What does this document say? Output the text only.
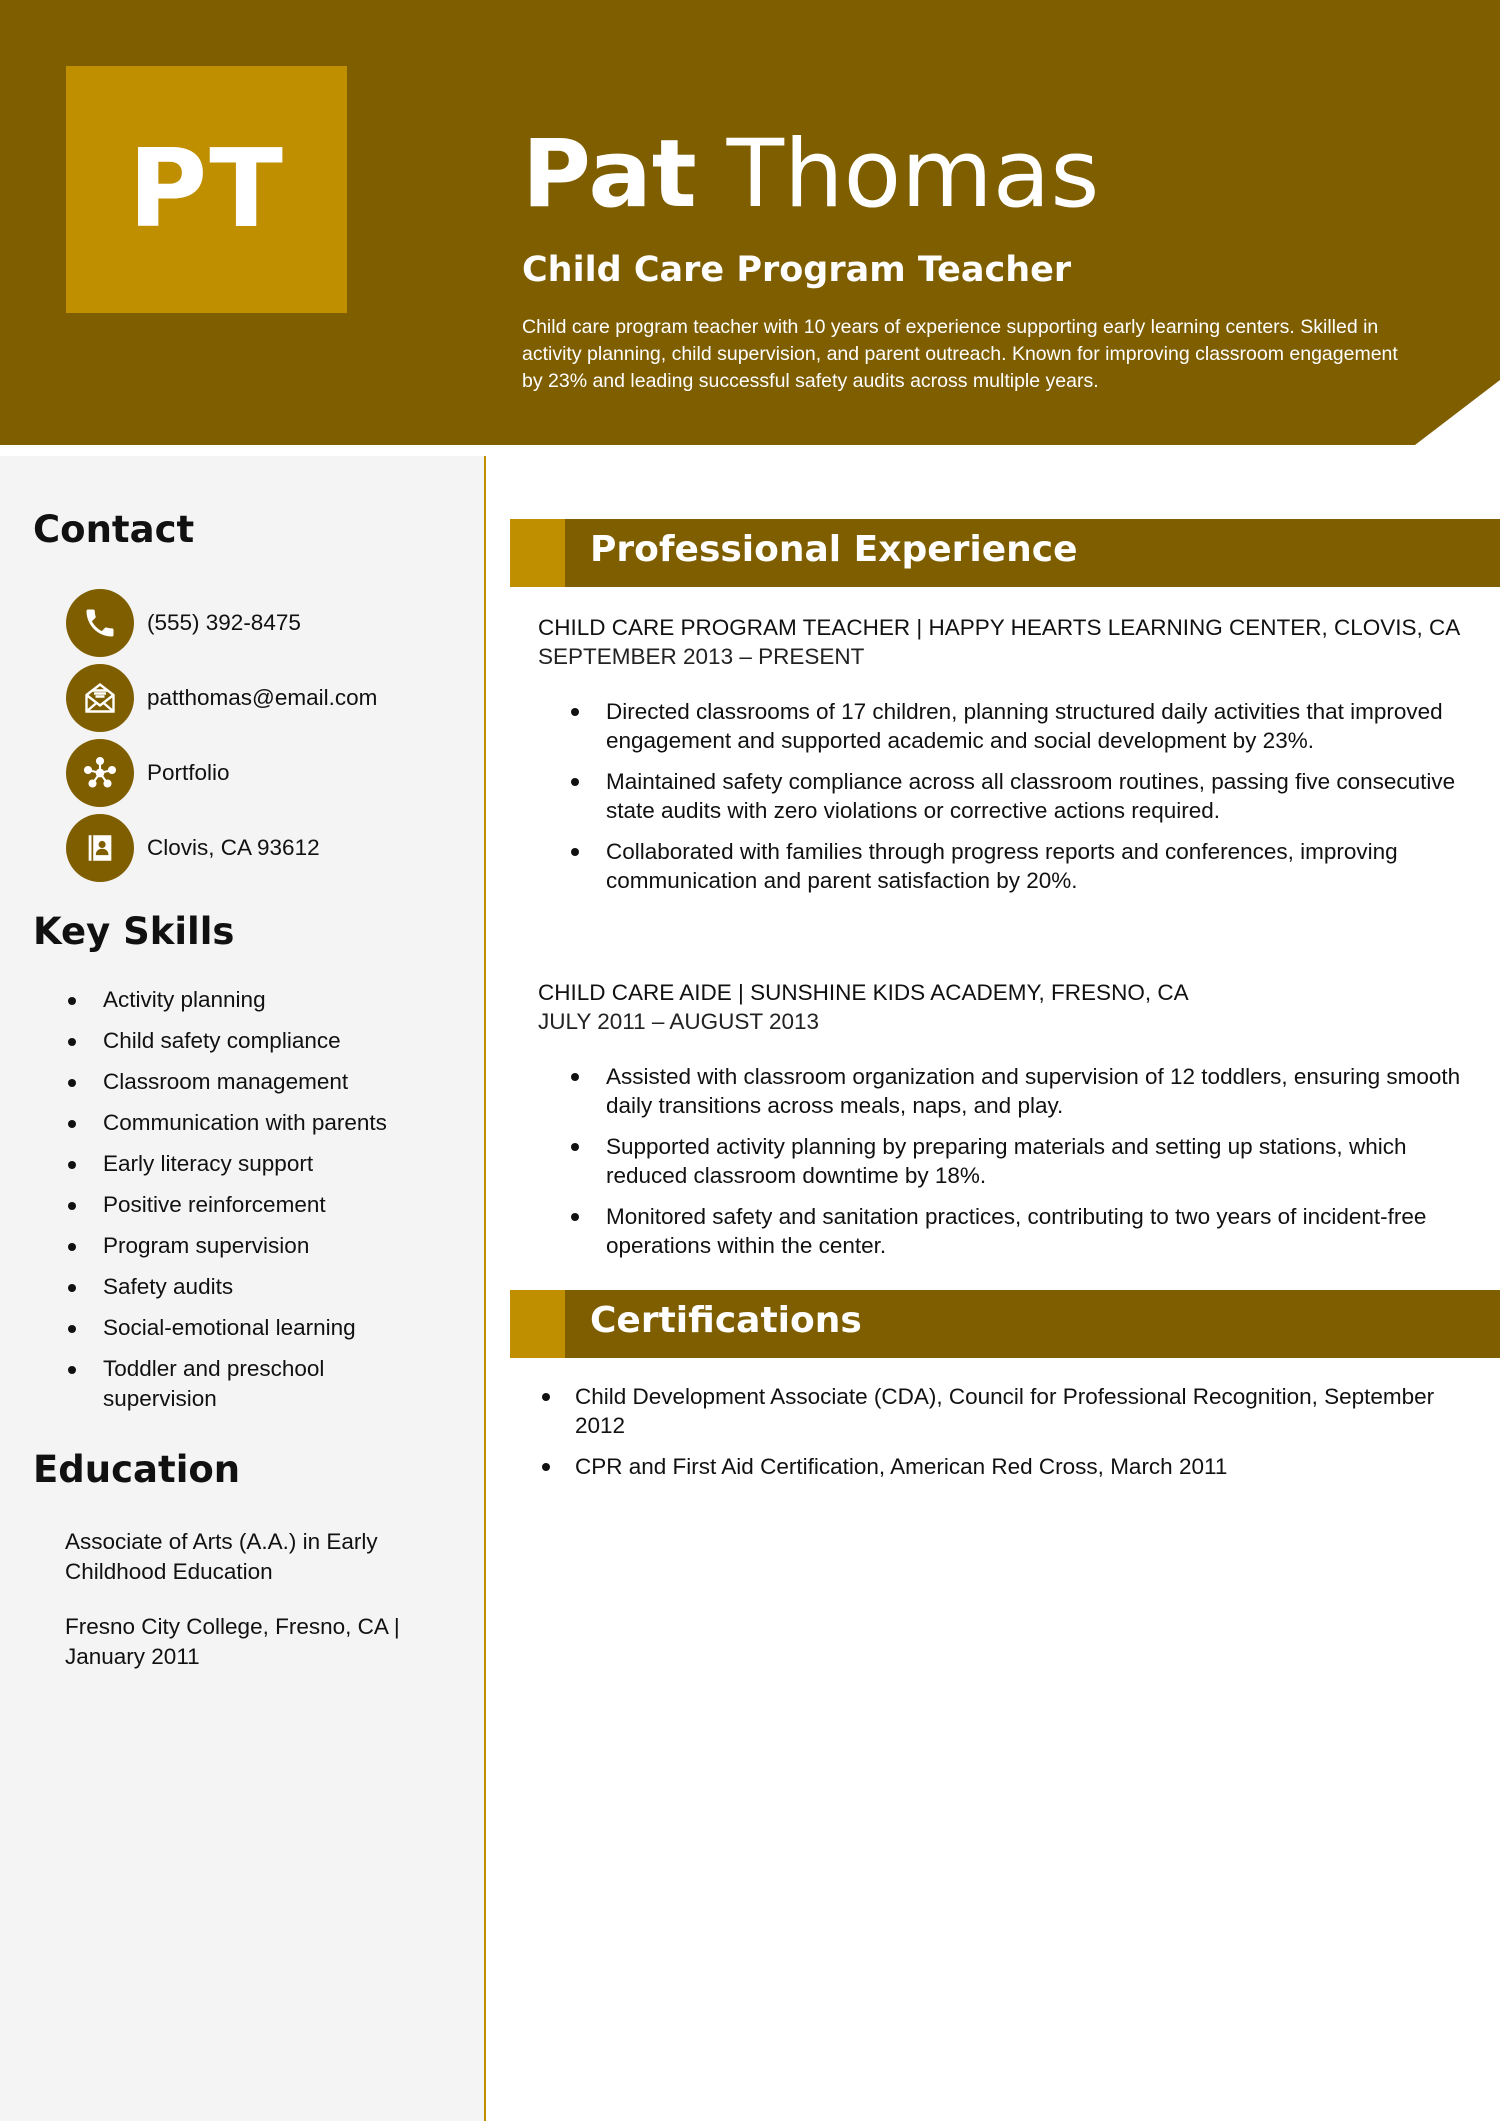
PT	Pat Thomas
Child Care Program Teacher
Child care program teacher with 10 years of experience supporting early learning centers. Skilled in activity planning, child supervision, and parent outreach. Known for improving classroom engagement by 23% and leading successful safety audits across multiple years.
Contact
(555) 392-8475
patthomas@email.com
Portfolio
Clovis, CA 93612
Key Skills
Activity planning
Child safety compliance
Classroom management
Communication with parents
Early literacy support
Positive reinforcement
Program supervision
Safety audits
Social-emotional learning
Toddler and preschool supervision
Education
Associate of Arts (A.A.) in Early Childhood Education
Fresno City College, Fresno, CA | January 2011
Professional Experience
CHILD CARE PROGRAM TEACHER | HAPPY HEARTS LEARNING CENTER, CLOVIS, CA
SEPTEMBER 2013 – PRESENT
Directed classrooms of 17 children, planning structured daily activities that improved engagement and supported academic and social development by 23%.
Maintained safety compliance across all classroom routines, passing five consecutive state audits with zero violations or corrective actions required.
Collaborated with families through progress reports and conferences, improving communication and parent satisfaction by 20%.
CHILD CARE AIDE | SUNSHINE KIDS ACADEMY, FRESNO, CA
JULY 2011 – AUGUST 2013
Assisted with classroom organization and supervision of 12 toddlers, ensuring smooth daily transitions across meals, naps, and play.
Supported activity planning by preparing materials and setting up stations, which reduced classroom downtime by 18%.
Monitored safety and sanitation practices, contributing to two years of incident-free operations within the center.
Certifications
Child Development Associate (CDA), Council for Professional Recognition, September 2012
CPR and First Aid Certification, American Red Cross, March 2011
